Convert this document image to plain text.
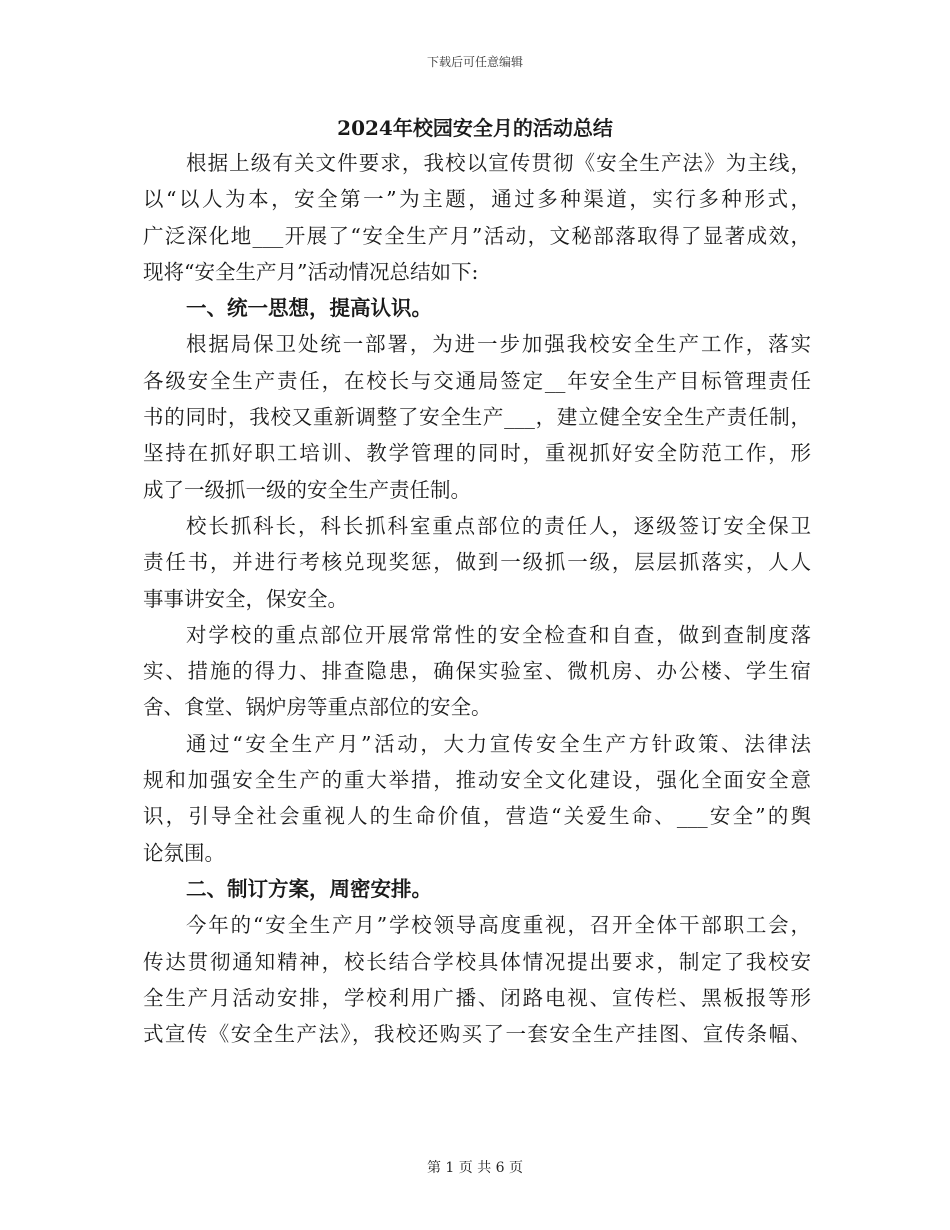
下载后可任意编辑
2024年校园安全月的活动总结
根据上级有关文件要求，我校以宣传贯彻《安全生产法》为主线，
以“以人为本，安全第一”为主题，通过多种渠道，实行多种形式，
广泛深化地___开展了“安全生产月”活动，文秘部落取得了显著成效，
现将“安全生产月”活动情况总结如下:
一、统一思想，提高认识。
根据局保卫处统一部署，为进一步加强我校安全生产工作，落实
各级安全生产责任，在校长与交通局签定__年安全生产目标管理责任
书的同时，我校又重新调整了安全生产___，建立健全安全生产责任制，
坚持在抓好职工培训、教学管理的同时，重视抓好安全防范工作，形
成了一级抓一级的安全生产责任制。
校长抓科长，科长抓科室重点部位的责任人，逐级签订安全保卫
责任书，并进行考核兑现奖惩，做到一级抓一级，层层抓落实，人人
事事讲安全，保安全。
对学校的重点部位开展常常性的安全检查和自查，做到查制度落
实、措施的得力、排查隐患，确保实验室、微机房、办公楼、学生宿
舍、食堂、锅炉房等重点部位的安全。
通过“安全生产月”活动，大力宣传安全生产方针政策、法律法
规和加强安全生产的重大举措，推动安全文化建设，强化全面安全意
识，引导全社会重视人的生命价值，营造“关爱生命、___安全”的舆
论氛围。
二、制订方案，周密安排。
今年的“安全生产月”学校领导高度重视，召开全体干部职工会，
传达贯彻通知精神，校长结合学校具体情况提出要求，制定了我校安
全生产月活动安排，学校利用广播、闭路电视、宣传栏、黑板报等形
式宣传《安全生产法》，我校还购买了一套安全生产挂图、宣传条幅、
第 1 页 共 6 页
